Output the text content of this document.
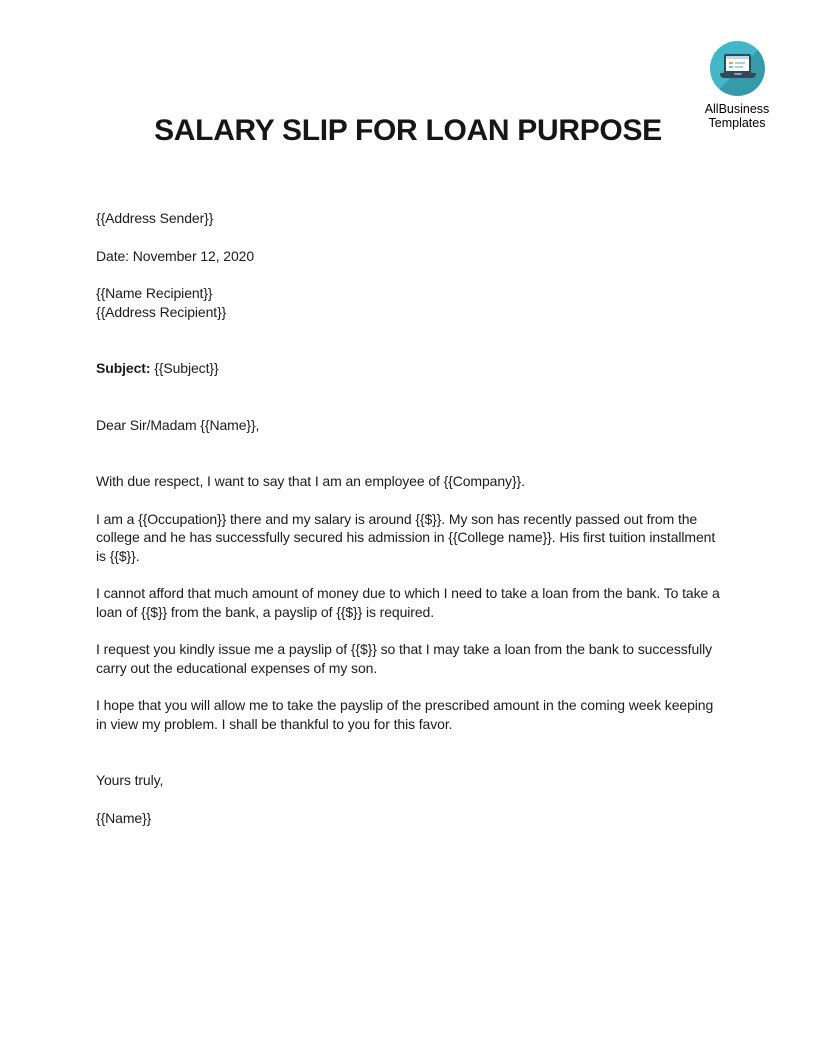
AllBusiness
Templates
SALARY SLIP FOR LOAN PURPOSE

{{Address Sender}}

Date: November 12, 2020

{{Name Recipient}}
{{Address Recipient}}

Subject: {{Subject}}

Dear Sir/Madam {{Name}},

With due respect, I want to say that I am an employee of {{Company}}.

I am a {{Occupation}} there and my salary is around {{$}}. My son has recently passed out from the college and he has successfully secured his admission in {{College name}}. His first tuition installment is {{$}}.

I cannot afford that much amount of money due to which I need to take a loan from the bank. To take a loan of {{$}} from the bank, a payslip of {{$}} is required.

I request you kindly issue me a payslip of {{$}} so that I may take a loan from the bank to successfully carry out the educational expenses of my son.

I hope that you will allow me to take the payslip of the prescribed amount in the coming week keeping in view my problem. I shall be thankful to you for this favor.

Yours truly,

{{Name}}
